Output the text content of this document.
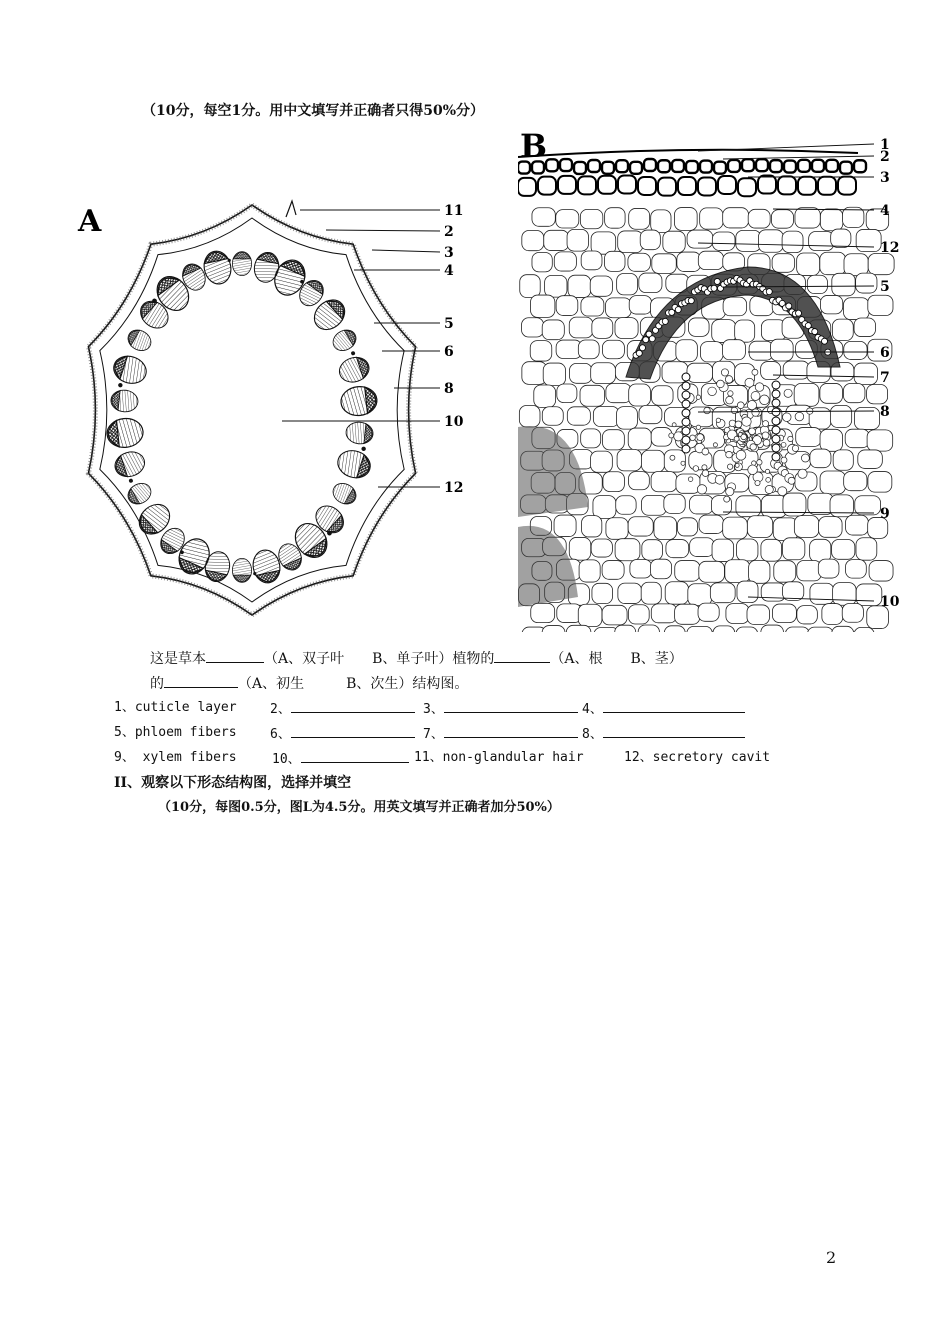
（10分，每空1分。用中文填写并正确者只得50%分）
A	11
2
3
4
5
6
8
10
12
B	1
2
3
4
12
5
6
7
8
9
10
这是草本	（A、双子叶　　B、单子叶）植物的	（A、根　　B、茎）
的	（A、初生　　　B、次生）结构图。
1、cuticle layer	2、	3、	4、
5、phloem fibers	6、	7、	8、
9、 xylem fibers	10、	11、non-glandular hair	12、secretory cavit
II、观察以下形态结构图，选择并填空
（10分，每图0.5分，图L为4.5分。用英文填写并正确者加分50%）
2
